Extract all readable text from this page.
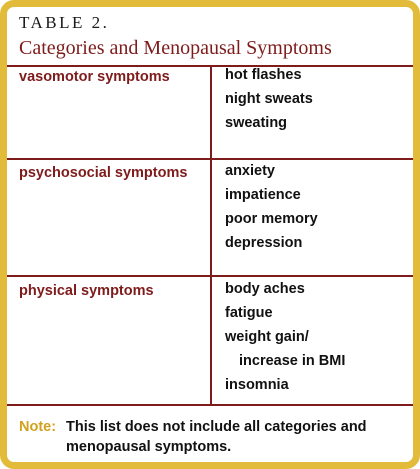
TABLE 2.
Categories and Menopausal Symptoms
vasomotor symptoms	hot flashes
night sweats
sweating
psychosocial symptoms	anxiety
impatience
poor memory
depression
physical symptoms	body aches
fatigue
weight gain/
increase in BMI
insomnia
Note: This list does not include all categories and menopausal symptoms.
